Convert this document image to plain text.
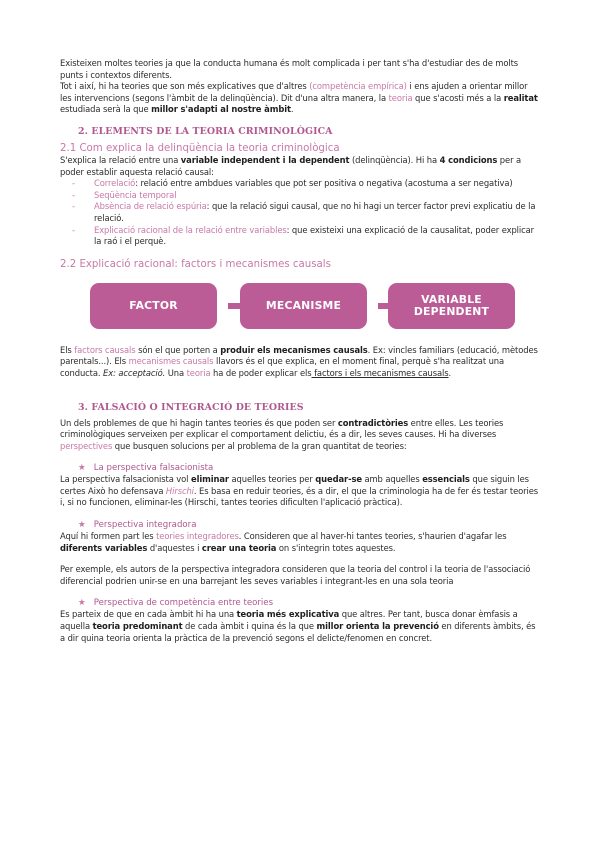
Existeixen moltes teories ja que la conducta humana és molt complicada i per tant s'ha d'estudiar des de molts punts i contextos diferents.
Tot i així, hi ha teories que son més explicatives que d'altres (competència empírica) i ens ajuden a orientar millor les intervencions (segons l'àmbit de la delinqüència). Dit d'una altra manera, la teoria que s'acosti més a la realitat estudiada serà la que millor s'adapti al nostre àmbit.
2. ELEMENTS DE LA TEORIA CRIMINOLÒGICA
2.1 Com explica la delinqüència la teoria criminològica
S'explica la relació entre una variable independent i la dependent (delinqüència). Hi ha 4 condicions per a poder establir aquesta relació causal:
- Correlació: relació entre ambdues variables que pot ser positiva o negativa (acostuma a ser negativa)
- Seqüència temporal
- Absència de relació espúria: que la relació sigui causal, que no hi hagi un tercer factor previ explicatiu de la relació.
- Explicació racional de la relació entre variables: que existeixi una explicació de la causalitat, poder explicar la raó i el perquè.
2.2 Explicació racional: factors i mecanismes causals
FACTOR	MECANISME	VARIABLE
DEPENDENT
Els factors causals són el que porten a produir els mecanismes causals. Ex: vincles familiars (educació, mètodes parentals...). Els mecanismes causals llavors és el que explica, en el moment final, perquè s'ha realitzat una conducta. Ex: acceptació. Una teoria ha de poder explicar els factors i els mecanismes causals.
3. FALSACIÓ O INTEGRACIÓ DE TEORIES
Un dels problemes de que hi hagin tantes teories és que poden ser contradictòries entre elles. Les teories criminològiques serveixen per explicar el comportament delictiu, és a dir, les seves causes. Hi ha diverses perspectives que busquen solucions per al problema de la gran quantitat de teories:
★ La perspectiva falsacionista
La perspectiva falsacionista vol eliminar aquelles teories per quedar-se amb aquelles essencials que siguin les certes Això ho defensava Hirschi. Es basa en reduir teories, és a dir, el que la criminologia ha de fer és testar teories i, si no funcionen, eliminar-les (Hirschi, tantes teories dificulten l'aplicació pràctica).
★ Perspectiva integradora
Aquí hi formen part les teories integradores. Consideren que al haver-hi tantes teories, s'haurien d'agafar les diferents variables d'aquestes i crear una teoria on s'integrin totes aquestes.
Per exemple, els autors de la perspectiva integradora consideren que la teoria del control i la teoria de l'associació diferencial podrien unir-se en una barrejant les seves variables i integrant-les en una sola teoria
★ Perspectiva de competència entre teories
Es parteix de que en cada àmbit hi ha una teoria més explicativa que altres. Per tant, busca donar èmfasis a aquella teoria predominant de cada àmbit i quina és la que millor orienta la prevenció en diferents àmbits, és a dir quina teoria orienta la pràctica de la prevenció segons el delicte/fenomen en concret.
